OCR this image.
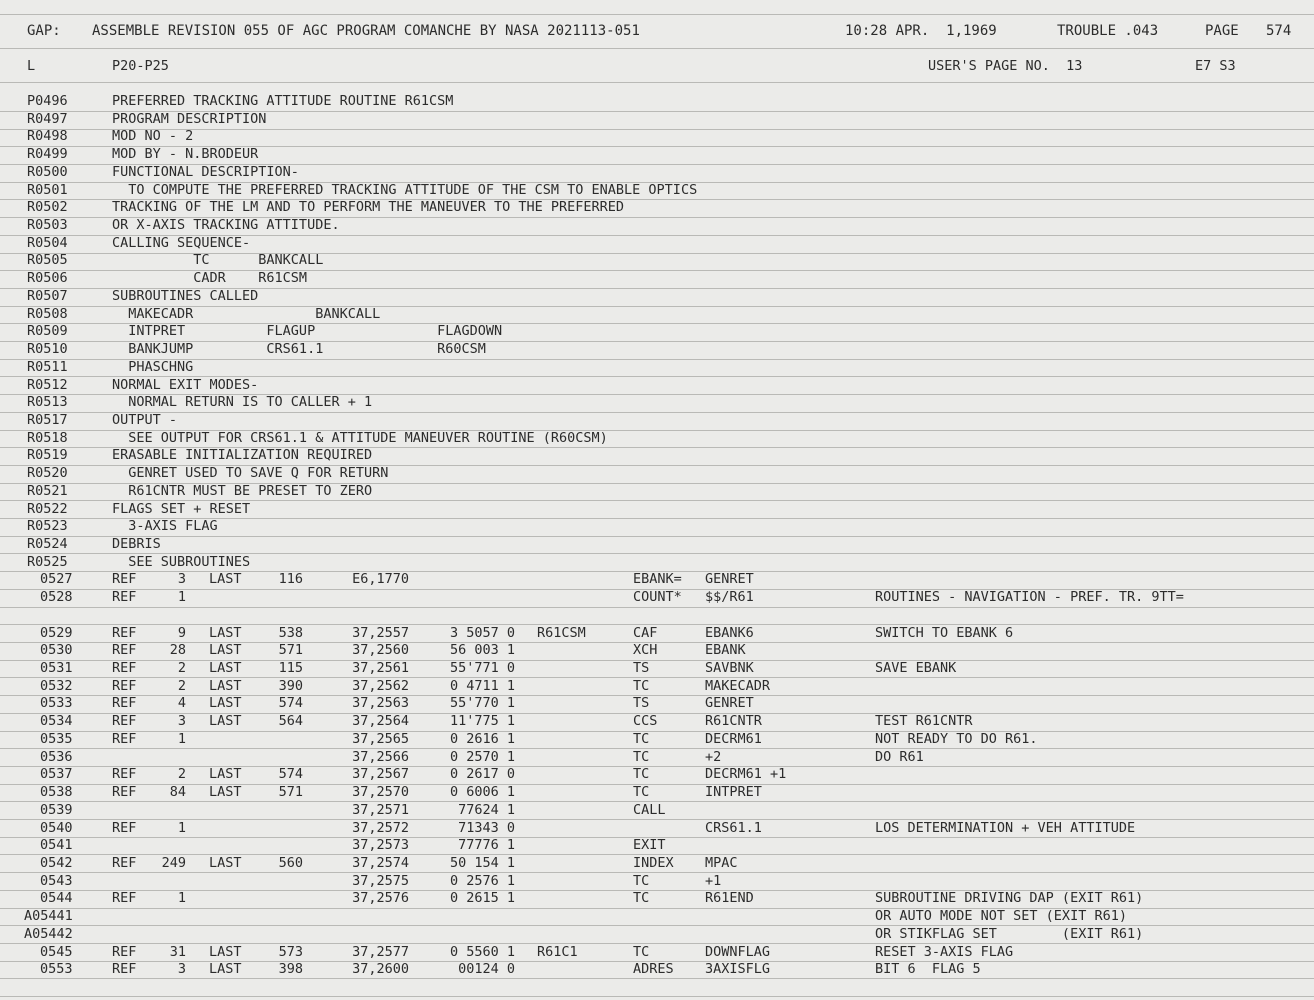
GAP: ASSEMBLE REVISION 055 OF AGC PROGRAM COMANCHE BY NASA 2021113-051	10:28 APR.  1,1969	TROUBLE .043	PAGE 574
L	P20-P25	USER'S PAGE NO.  13	E7 S3
P0496	PREFERRED TRACKING ATTITUDE ROUTINE R61CSM
R0497	PROGRAM DESCRIPTION
R0498	MOD NO - 2
R0499	MOD BY - N.BRODEUR
R0500	FUNCTIONAL DESCRIPTION-
R0501	TO COMPUTE THE PREFERRED TRACKING ATTITUDE OF THE CSM TO ENABLE OPTICS
R0502	TRACKING OF THE LM AND TO PERFORM THE MANEUVER TO THE PREFERRED
R0503	OR X-AXIS TRACKING ATTITUDE.
R0504	CALLING SEQUENCE-
R0505	TC      BANKCALL
R0506	CADR    R61CSM
R0507	SUBROUTINES CALLED
R0508	MAKECADR               BANKCALL
R0509	INTPRET          FLAGUP               FLAGDOWN
R0510	BANKJUMP         CRS61.1              R60CSM
R0511	PHASCHNG
R0512	NORMAL EXIT MODES-
R0513	NORMAL RETURN IS TO CALLER + 1
R0517	OUTPUT -
R0518	SEE OUTPUT FOR CRS61.1 & ATTITUDE MANEUVER ROUTINE (R60CSM)
R0519	ERASABLE INITIALIZATION REQUIRED
R0520	GENRET USED TO SAVE Q FOR RETURN
R0521	R61CNTR MUST BE PRESET TO ZERO
R0522	FLAGS SET + RESET
R0523	3-AXIS FLAG
R0524	DEBRIS
R0525	SEE SUBROUTINES
0527	REF	3 LAST	116	E6,1770	EBANK= GENRET
0528	REF	1	COUNT* $$/R61	ROUTINES - NAVIGATION - PREF. TR. 9TT=
0529	REF	9 LAST	538	37,2557	3 5057 0 R61CSM	CAF	EBANK6	SWITCH TO EBANK 6
0530	REF 28 LAST	571	37,2560	56 003 1	XCH	EBANK
0531	REF	2 LAST	115	37,2561	55'771 0	TS	SAVBNK	SAVE EBANK
0532	REF	2 LAST	390	37,2562	0 4711 1	TC	MAKECADR
0533	REF	4 LAST	574	37,2563	55'770 1	TS	GENRET
0534	REF	3 LAST	564	37,2564	11'775 1	CCS	R61CNTR	TEST R61CNTR
0535	REF	1	37,2565	0 2616 1	TC	DECRM61	NOT READY TO DO R61.
0536	37,2566	0 2570 1	TC	+2	DO R61
0537	REF	2 LAST	574	37,2567	0 2617 0	TC	DECRM61 +1
0538	REF 84 LAST	571	37,2570	0 6006 1	TC	INTPRET
0539	37,2571	77624 1	CALL
0540	REF	1	37,2572	71343 0	CRS61.1	LOS DETERMINATION + VEH ATTITUDE
0541	37,2573	77776 1	EXIT
0542	REF 249 LAST	560	37,2574	50 154 1	INDEX MPAC
0543	37,2575	0 2576 1	TC	+1
0544	REF	1	37,2576	0 2615 1	TC	R61END	SUBROUTINE DRIVING DAP (EXIT R61)
A05441	OR AUTO MODE NOT SET (EXIT R61)
A05442	OR STIKFLAG SET        (EXIT R61)
0545	REF 31 LAST	573	37,2577	0 5560 1 R61C1	TC	DOWNFLAG	RESET 3-AXIS FLAG
0553	REF	3 LAST	398	37,2600	00124 0	ADRES 3AXISFLG	BIT 6  FLAG 5
